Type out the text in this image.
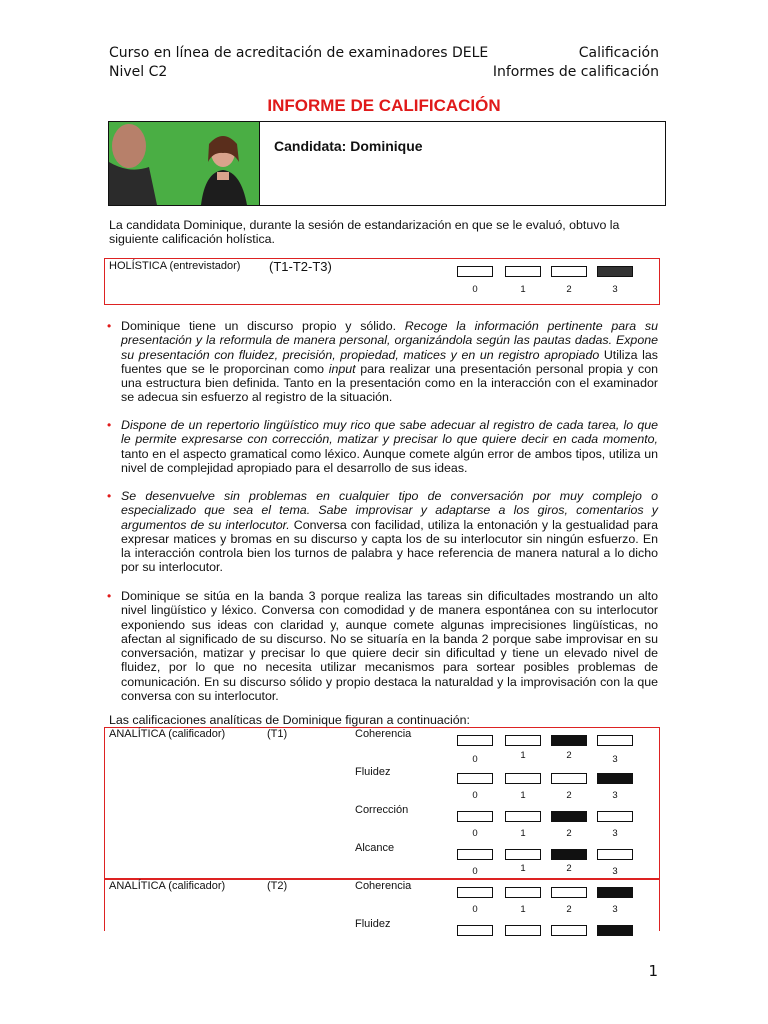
Curso en línea de acreditación de examinadores DELE
Nivel C2
Calificación
Informes de calificación
INFORME DE CALIFICACIÓN
Candidata: Dominique
La candidata Dominique, durante la sesión de estandarización en que se le evaluó, obtuvo la siguiente calificación holística.
HOLÍSTICA (entrevistador) (T1-T2-T3)
0	1	2	3
• Dominique tiene un discurso propio y sólido. Recoge la información pertinente para su presentación y la reformula de manera personal, organizándola según las pautas dadas. Expone su presentación con fluidez, precisión, propiedad, matices y en un registro apropiado Utiliza las fuentes que se le proporcinan como input para realizar una presentación personal propia y con una estructura bien definida. Tanto en la presentación como en la interacción con el examinador se adecua sin esfuerzo al registro de la situación.
• Dispone de un repertorio lingüístico muy rico que sabe adecuar al registro de cada tarea, lo que le permite expresarse con corrección, matizar y precisar lo que quiere decir en cada momento, tanto en el aspecto gramatical como léxico. Aunque comete algún error de ambos tipos, utiliza un nivel de complejidad apropiado para el desarrollo de sus ideas.
• Se desenvuelve sin problemas en cualquier tipo de conversación por muy complejo o especializado que sea el tema. Sabe improvisar y adaptarse a los giros, comentarios y argumentos de su interlocutor. Conversa con facilidad, utiliza la entonación y la gestualidad para expresar matices y bromas en su discurso y capta los de su interlocutor sin ningún esfuerzo. En la interacción controla bien los turnos de palabra y hace referencia de manera natural a lo dicho por su interlocutor.
• Dominique se sitúa en la banda 3 porque realiza las tareas sin dificultades mostrando un alto nivel lingüístico y léxico. Conversa con comodidad y de manera espontánea con su interlocutor exponiendo sus ideas con claridad y, aunque comete algunas imprecisiones lingüísticas, no afectan al significado de su discurso. No se situaría en la banda 2 porque sabe improvisar en su conversación, matizar y precisar lo que quiere decir sin dificultad y tiene un elevado nivel de fluidez, por lo que no necesita utilizar mecanismos para sortear posibles problemas de comunicación. En su discurso sólido y propio destaca la naturaldad y la improvisación con la que conversa con su interlocutor.
Las calificaciones analíticas de Dominique figuran a continuación:
ANALÍTICA (calificador)	(T1)	Coherencia
0	1	2	3
Fluidez
0	1	2	3
Corrección
0	1	2	3
Alcance
0	1	2	3
ANALÍTICA (calificador)	(T2)	Coherencia
0	1	2	3
Fluidez
1
